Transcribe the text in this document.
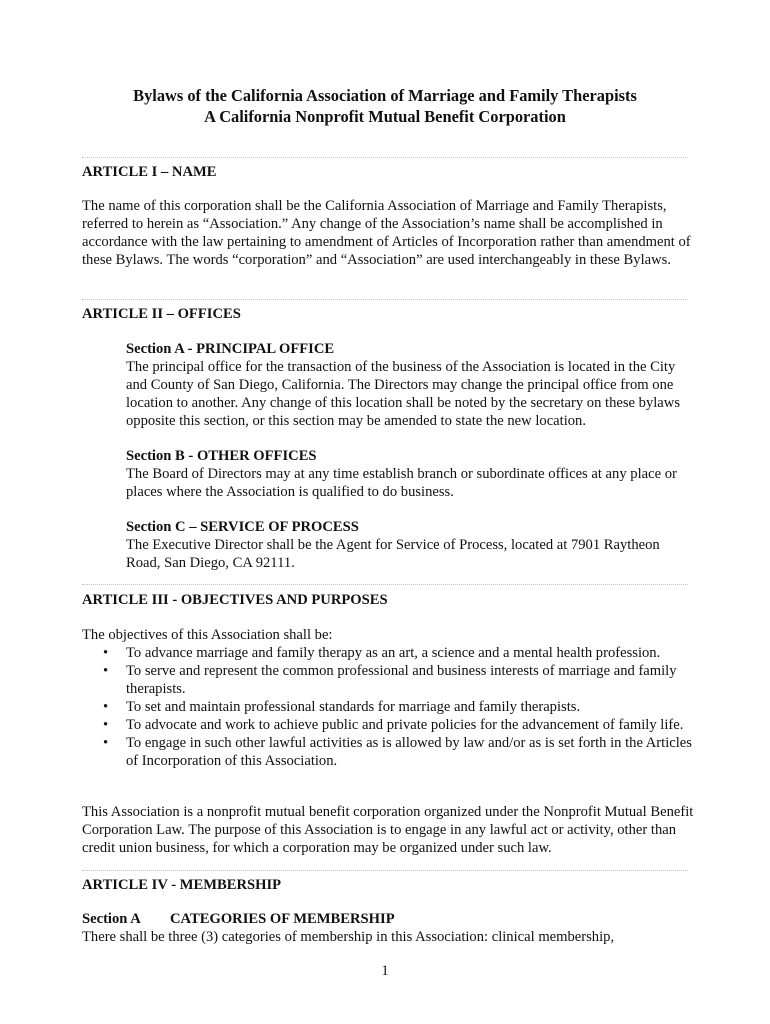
Bylaws of the California Association of Marriage and Family Therapists
A California Nonprofit Mutual Benefit Corporation
ARTICLE I – NAME
The name of this corporation shall be the California Association of Marriage and Family Therapists, referred to herein as “Association.” Any change of the Association’s name shall be accomplished in accordance with the law pertaining to amendment of Articles of Incorporation rather than amendment of these Bylaws. The words “corporation” and “Association” are used interchangeably in these Bylaws.
ARTICLE II – OFFICES
Section A - PRINCIPAL OFFICE
The principal office for the transaction of the business of the Association is located in the City and County of San Diego, California. The Directors may change the principal office from one location to another. Any change of this location shall be noted by the secretary on these bylaws opposite this section, or this section may be amended to state the new location.
Section B - OTHER OFFICES
The Board of Directors may at any time establish branch or subordinate offices at any place or places where the Association is qualified to do business.
Section C – SERVICE OF PROCESS
The Executive Director shall be the Agent for Service of Process, located at 7901 Raytheon Road, San Diego, CA 92111.
ARTICLE III - OBJECTIVES AND PURPOSES
The objectives of this Association shall be:
• To advance marriage and family therapy as an art, a science and a mental health profession.
• To serve and represent the common professional and business interests of marriage and family therapists.
• To set and maintain professional standards for marriage and family therapists.
• To advocate and work to achieve public and private policies for the advancement of family life.
• To engage in such other lawful activities as is allowed by law and/or as is set forth in the Articles of Incorporation of this Association.
This Association is a nonprofit mutual benefit corporation organized under the Nonprofit Mutual Benefit Corporation Law. The purpose of this Association is to engage in any lawful act or activity, other than credit union business, for which a corporation may be organized under such law.
ARTICLE IV - MEMBERSHIP
Section A CATEGORIES OF MEMBERSHIP
There shall be three (3) categories of membership in this Association: clinical membership,
1
